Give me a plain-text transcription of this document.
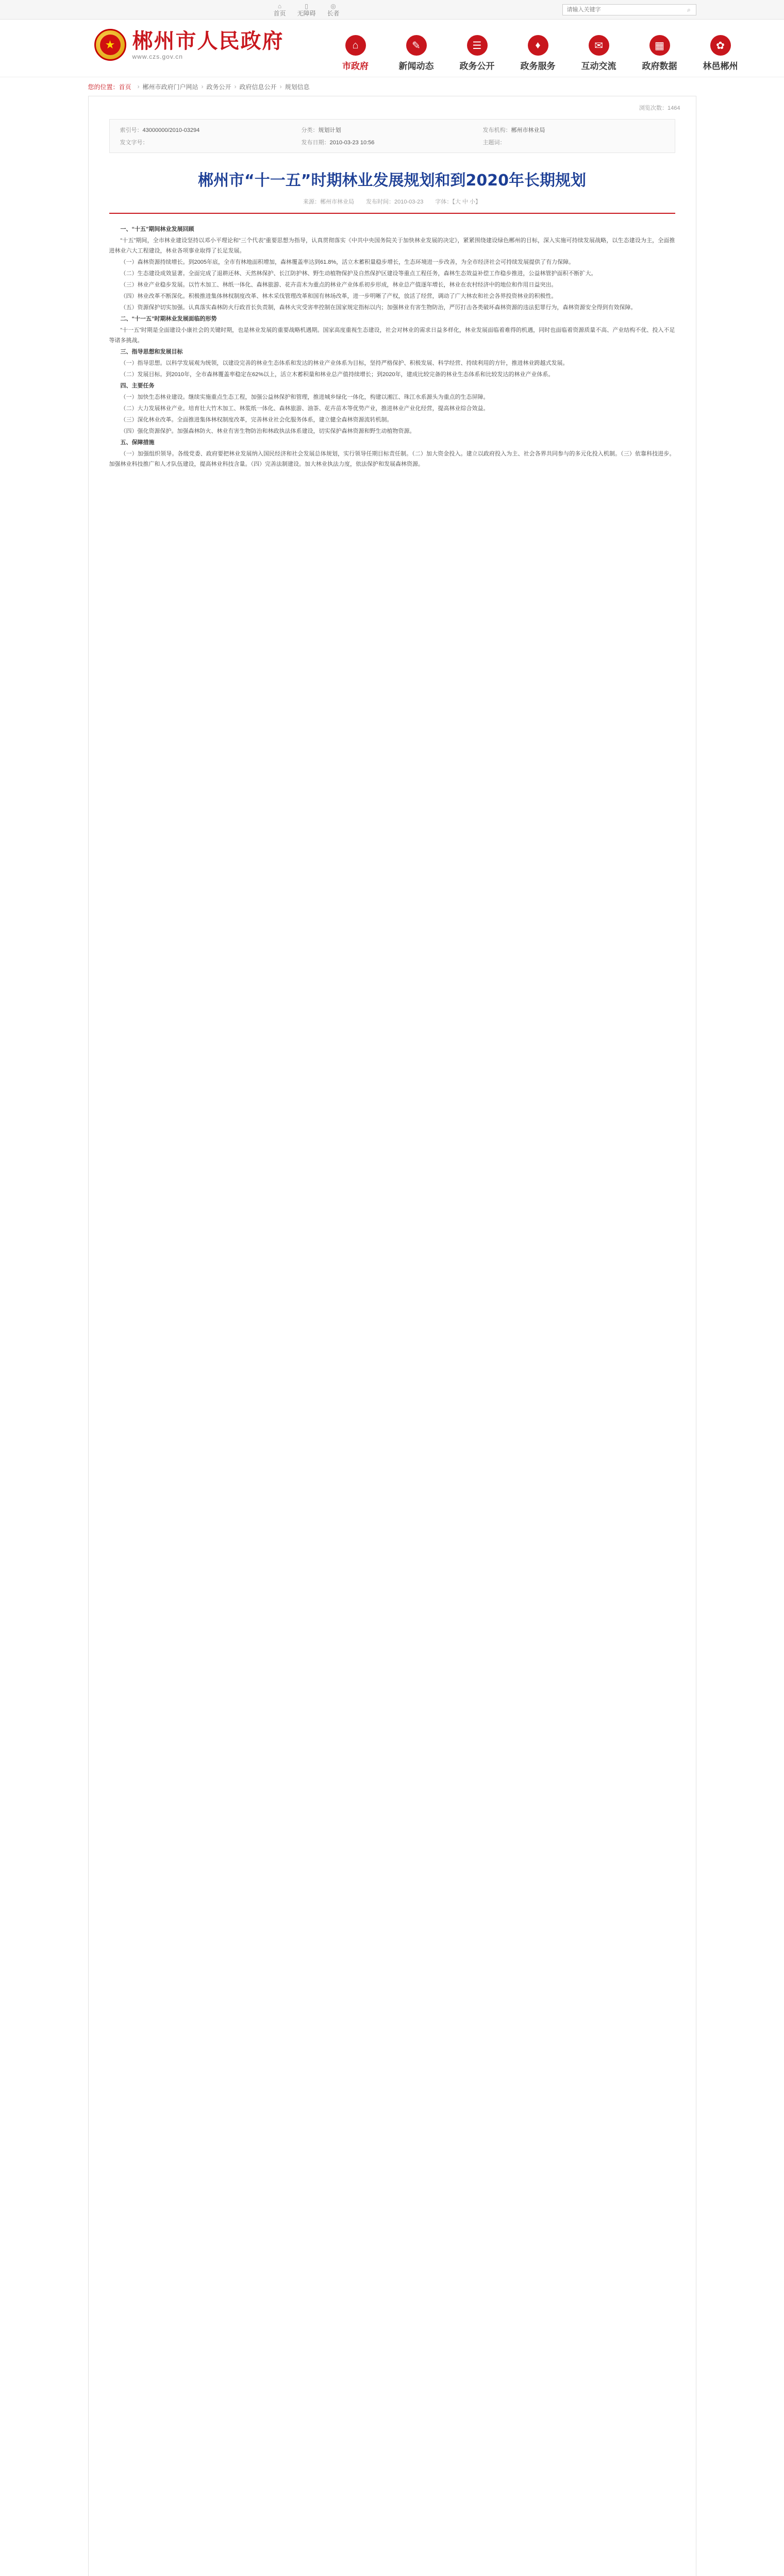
⌂
首页
▯
无障碍
◎
长者
请输入关键字
⌕
★ 郴州市人民政府
www.czs.gov.cn
⌂
市政府
✎
新闻动态
☰
政务公开
♦
政务服务
✉
互动交流
▦
政府数据
✿
林邑郴州
您的位置：首页 › 郴州市政府门户网站 › 政务公开 › 政府信息公开 › 规划信息
浏览次数：1464
索引号：43000000/2010-03294	分类：规划计划	发布机构：郴州市林业局
发文字号：	发布日期：2010-03-23 10:56	主题词：
郴州市“十一五”时期林业发展规划和到2020年长期规划
来源：郴州市林业局 发布时间：2010-03-23 字体：【大 中 小】

一、“十五”期间林业发展回顾

“十五”期间，全市林业建设坚持以邓小平理论和“三个代表”重要思想为指导，认真贯彻落实《中共中央国务院关于加快林业发展的决定》，紧紧围绕建设绿色郴州的目标，深入实施可持续发展战略，以生态建设为主，全面推进林业六大工程建设，林业各项事业取得了长足发展。

（一）森林资源持续增长。到2005年底，全市有林地面积增加，森林覆盖率达到61.8%，活立木蓄积量稳步增长，生态环境进一步改善，为全市经济社会可持续发展提供了有力保障。

（二）生态建设成效显著。全面完成了退耕还林、天然林保护、长江防护林、野生动植物保护及自然保护区建设等重点工程任务，森林生态效益补偿工作稳步推进，公益林管护面积不断扩大。

（三）林业产业稳步发展。以竹木加工、林纸一体化、森林旅游、花卉苗木为重点的林业产业体系初步形成，林业总产值逐年增长，林业在农村经济中的地位和作用日益突出。

（四）林业改革不断深化。积极推进集体林权制度改革、林木采伐管理改革和国有林场改革，进一步明晰了产权，放活了经营，调动了广大林农和社会各界投资林业的积极性。

（五）资源保护切实加强。认真落实森林防火行政首长负责制，森林火灾受害率控制在国家规定指标以内；加强林业有害生物防治，严厉打击各类破坏森林资源的违法犯罪行为，森林资源安全得到有效保障。

二、“十一五”时期林业发展面临的形势

“十一五”时期是全面建设小康社会的关键时期，也是林业发展的重要战略机遇期。国家高度重视生态建设，社会对林业的需求日益多样化，林业发展面临着难得的机遇，同时也面临着资源质量不高、产业结构不优、投入不足等诸多挑战。

三、指导思想和发展目标

（一）指导思想。以科学发展观为统领，以建设完善的林业生态体系和发达的林业产业体系为目标，坚持严格保护、积极发展、科学经营、持续利用的方针，推进林业跨越式发展。

（二）发展目标。到2010年，全市森林覆盖率稳定在62%以上，活立木蓄积量和林业总产值持续增长；到2020年，建成比较完备的林业生态体系和比较发达的林业产业体系。

四、主要任务

（一）加快生态林业建设。继续实施重点生态工程，加强公益林保护和管理，推进城乡绿化一体化，构建以湘江、珠江水系源头为重点的生态屏障。

（二）大力发展林业产业。培育壮大竹木加工、林浆纸一体化、森林旅游、油茶、花卉苗木等优势产业，推进林业产业化经营，提高林业综合效益。

（三）深化林业改革。全面推进集体林权制度改革，完善林业社会化服务体系，建立健全森林资源流转机制。

（四）强化资源保护。加强森林防火、林业有害生物防治和林政执法体系建设，切实保护森林资源和野生动植物资源。

五、保障措施

（一）加强组织领导。各级党委、政府要把林业发展纳入国民经济和社会发展总体规划，实行领导任期目标责任制。（二）加大资金投入。建立以政府投入为主、社会各界共同参与的多元化投入机制。（三）依靠科技进步。加强林业科技推广和人才队伍建设，提高林业科技含量。（四）完善法制建设。加大林业执法力度，依法保护和发展森林资源。
